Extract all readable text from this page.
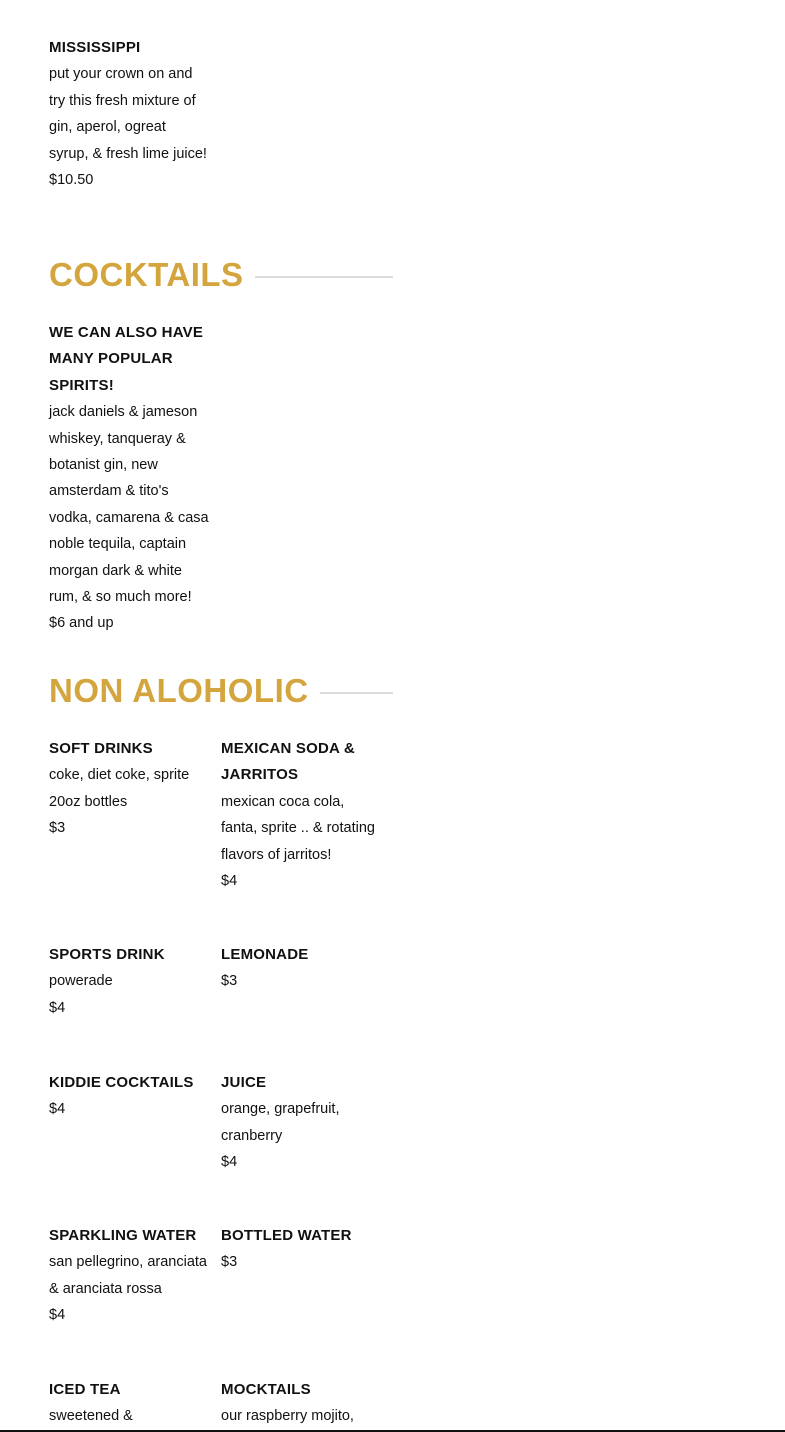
MISSISSIPPI

put your crown on and try this fresh mixture of gin, aperol, ogreat syrup, & fresh lime juice!

$10.50

COCKTAILS

WE CAN ALSO HAVE MANY POPULAR SPIRITS!

jack daniels & jameson whiskey, tanqueray & botanist gin, new amsterdam & tito's vodka, camarena & casa noble tequila, captain morgan dark & white rum, & so much more!

$6 and up

NON ALOHOLIC

SOFT DRINKS

coke, diet coke, sprite 20oz bottles

$3

MEXICAN SODA & JARRITOS

mexican coca cola, fanta, sprite .. & rotating flavors of jarritos!

$4

SPORTS DRINK

powerade

$4

LEMONADE

$3

KIDDIE COCKTAILS

$4

JUICE

orange, grapefruit, cranberry

$4

SPARKLING WATER

san pellegrino, aranciata & aranciata rossa

$4

BOTTLED WATER

$3

ICED TEA

sweetened &

MOCKTAILS

our raspberry mojito,
